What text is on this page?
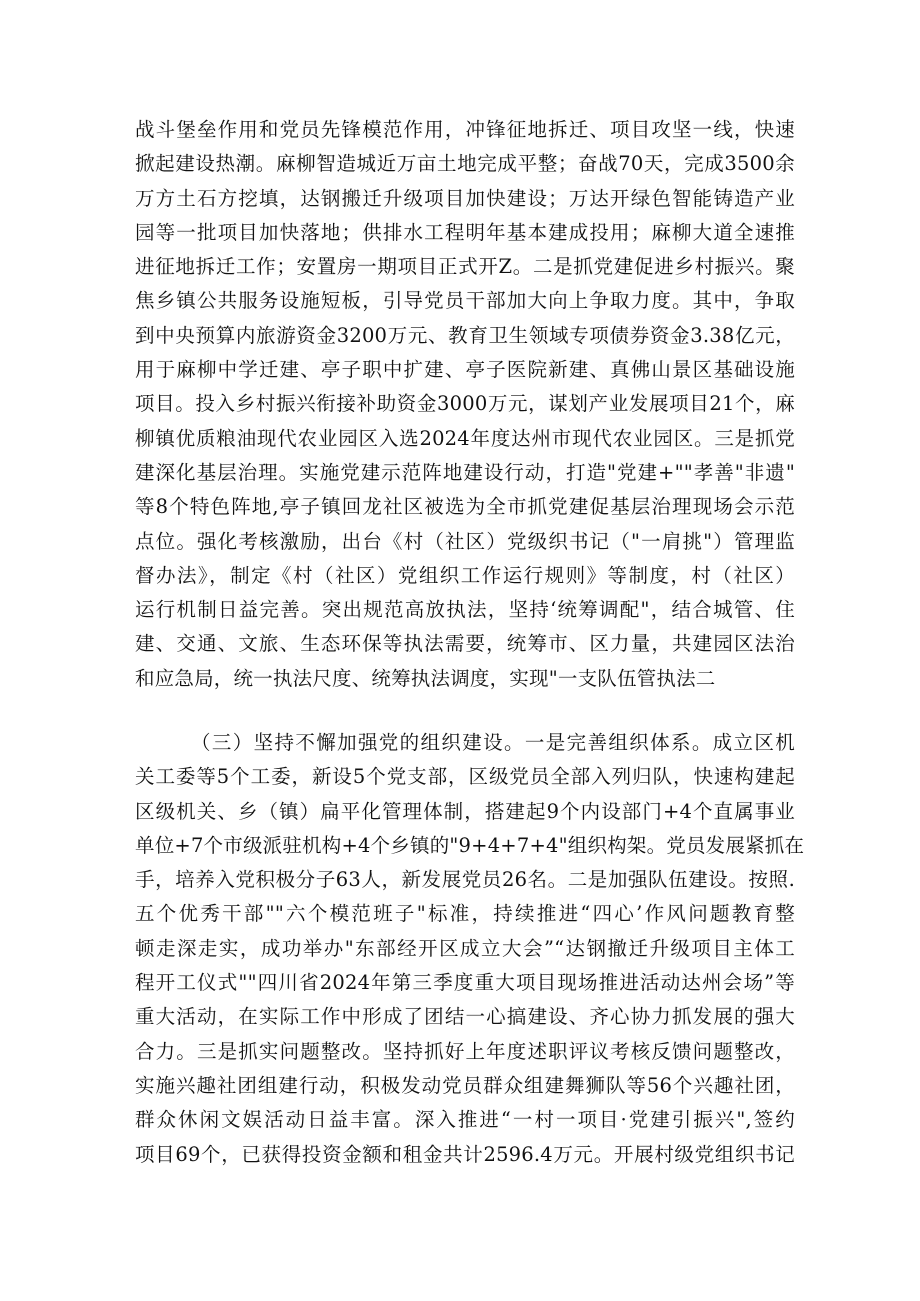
战斗堡垒作用和党员先锋模范作用，冲锋征地拆迁、项目攻坚一线，快速
掀起建设热潮。麻柳智造城近万亩土地完成平整；奋战70天，完成3500余
万方土石方挖填，达钢搬迁升级项目加快建设；万达开绿色智能铸造产业
园等一批项目加快落地；供排水工程明年基本建成投用；麻柳大道全速推
进征地拆迁工作；安置房一期项目正式开Z。二是抓党建促进乡村振兴。聚
焦乡镇公共服务设施短板，引导党员干部加大向上争取力度。其中，争取
到中央预算内旅游资金3200万元、教育卫生领域专项债券资金3.38亿元，
用于麻柳中学迁建、亭子职中扩建、亭子医院新建、真佛山景区基础设施
项目。投入乡村振兴衔接补助资金3000万元，谋划产业发展项目21个，麻
柳镇优质粮油现代农业园区入选2024年度达州市现代农业园区。三是抓党
建深化基层治理。实施党建示范阵地建设行动，打造"党建+""孝善"非遗"
等8个特色阵地,亭子镇回龙社区被选为全市抓党建促基层治理现场会示范
点位。强化考核激励，出台《村（社区）党级织书记（"一肩挑"）管理监
督办法》，制定《村（社区）党组织工作运行规则》等制度，村（社区）
运行机制日益完善。突出规范高放执法，坚持‘统筹调配"，结合城管、住
建、交通、文旅、生态环保等执法需要，统筹市、区力量，共建园区法治
和应急局，统一执法尺度、统筹执法调度，实现"一支队伍管执法二
（三）坚持不懈加强党的组织建设。一是完善组织体系。成立区机
关工委等5个工委，新设5个党支部，区级党员全部入列归队，快速构建起
区级机关、乡（镇）扁平化管理体制，搭建起9个内设部门+4个直属事业
单位+7个市级派驻机构+4个乡镇的"9+4+7+4"组织构架。党员发展紧抓在
手，培养入党积极分子63人，新发展党员26名。二是加强队伍建设。按照.
五个优秀干部""六个模范班子"标准，持续推进“四心’作风问题教育整
顿走深走实，成功举办"东部经开区成立大会”“达钢撤迁升级项目主体工
程开工仪式""四川省2024年第三季度重大项目现场推进活动达州会场”等
重大活动，在实际工作中形成了团结一心搞建设、齐心协力抓发展的强大
合力。三是抓实问题整改。坚持抓好上年度述职评议考核反馈问题整改，
实施兴趣社团组建行动，积极发动党员群众组建舞狮队等56个兴趣社团，
群众休闲文娱活动日益丰富。深入推进“一村一项目·党建引振兴",签约
项目69个，已获得投资金额和租金共计2596.4万元。开展村级党组织书记
